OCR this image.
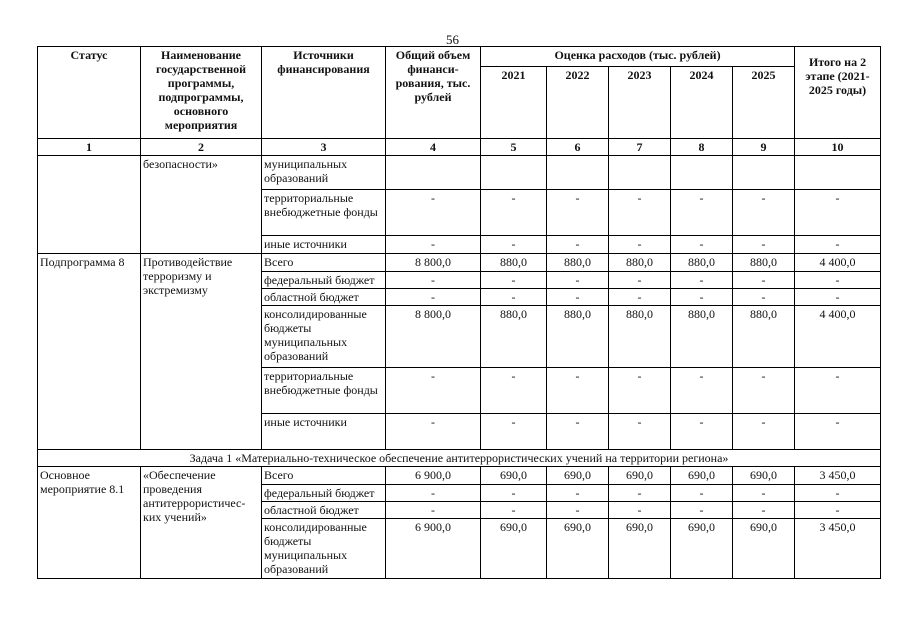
56
Статус	Наименование государственной программы, подпрограммы, основного мероприятия	Источники финансирования	Общий объем финанси-рования, тыс. рублей	Оценка расходов (тыс. рублей)					Итого на 2 этапе (2021-2025 годы)
				2021	2022	2023	2024	2025	
1	2	3	4	5	6	7	8	9	10
	безопасности»	муниципальных образований							
		территориальные внебюджетные фонды	-	-	-	-	-	-	-
		иные источники	-	-	-	-	-	-	-
Подпрограмма 8	Противодействие терроризму и экстремизму	Всего	8 800,0	880,0	880,0	880,0	880,0	880,0	4 400,0
		федеральный бюджет	-	-	-	-	-	-	-
		областной бюджет	-	-	-	-	-	-	-
		консолидированные бюджеты муниципальных образований	8 800,0	880,0	880,0	880,0	880,0	880,0	4 400,0
		территориальные внебюджетные фонды	-	-	-	-	-	-	-
		иные источники	-	-	-	-	-	-	-
Задача 1 «Материально-техническое обеспечение антитеррористических учений на территории региона»									
Основное мероприятие 8.1	«Обеспечение проведения антитеррористичес-ких учений»	Всего	6 900,0	690,0	690,0	690,0	690,0	690,0	3 450,0
		федеральный бюджет	-	-	-	-	-	-	-
		областной бюджет	-	-	-	-	-	-	-
		консолидированные бюджеты муниципальных образований	6 900,0	690,0	690,0	690,0	690,0	690,0	3 450,0
